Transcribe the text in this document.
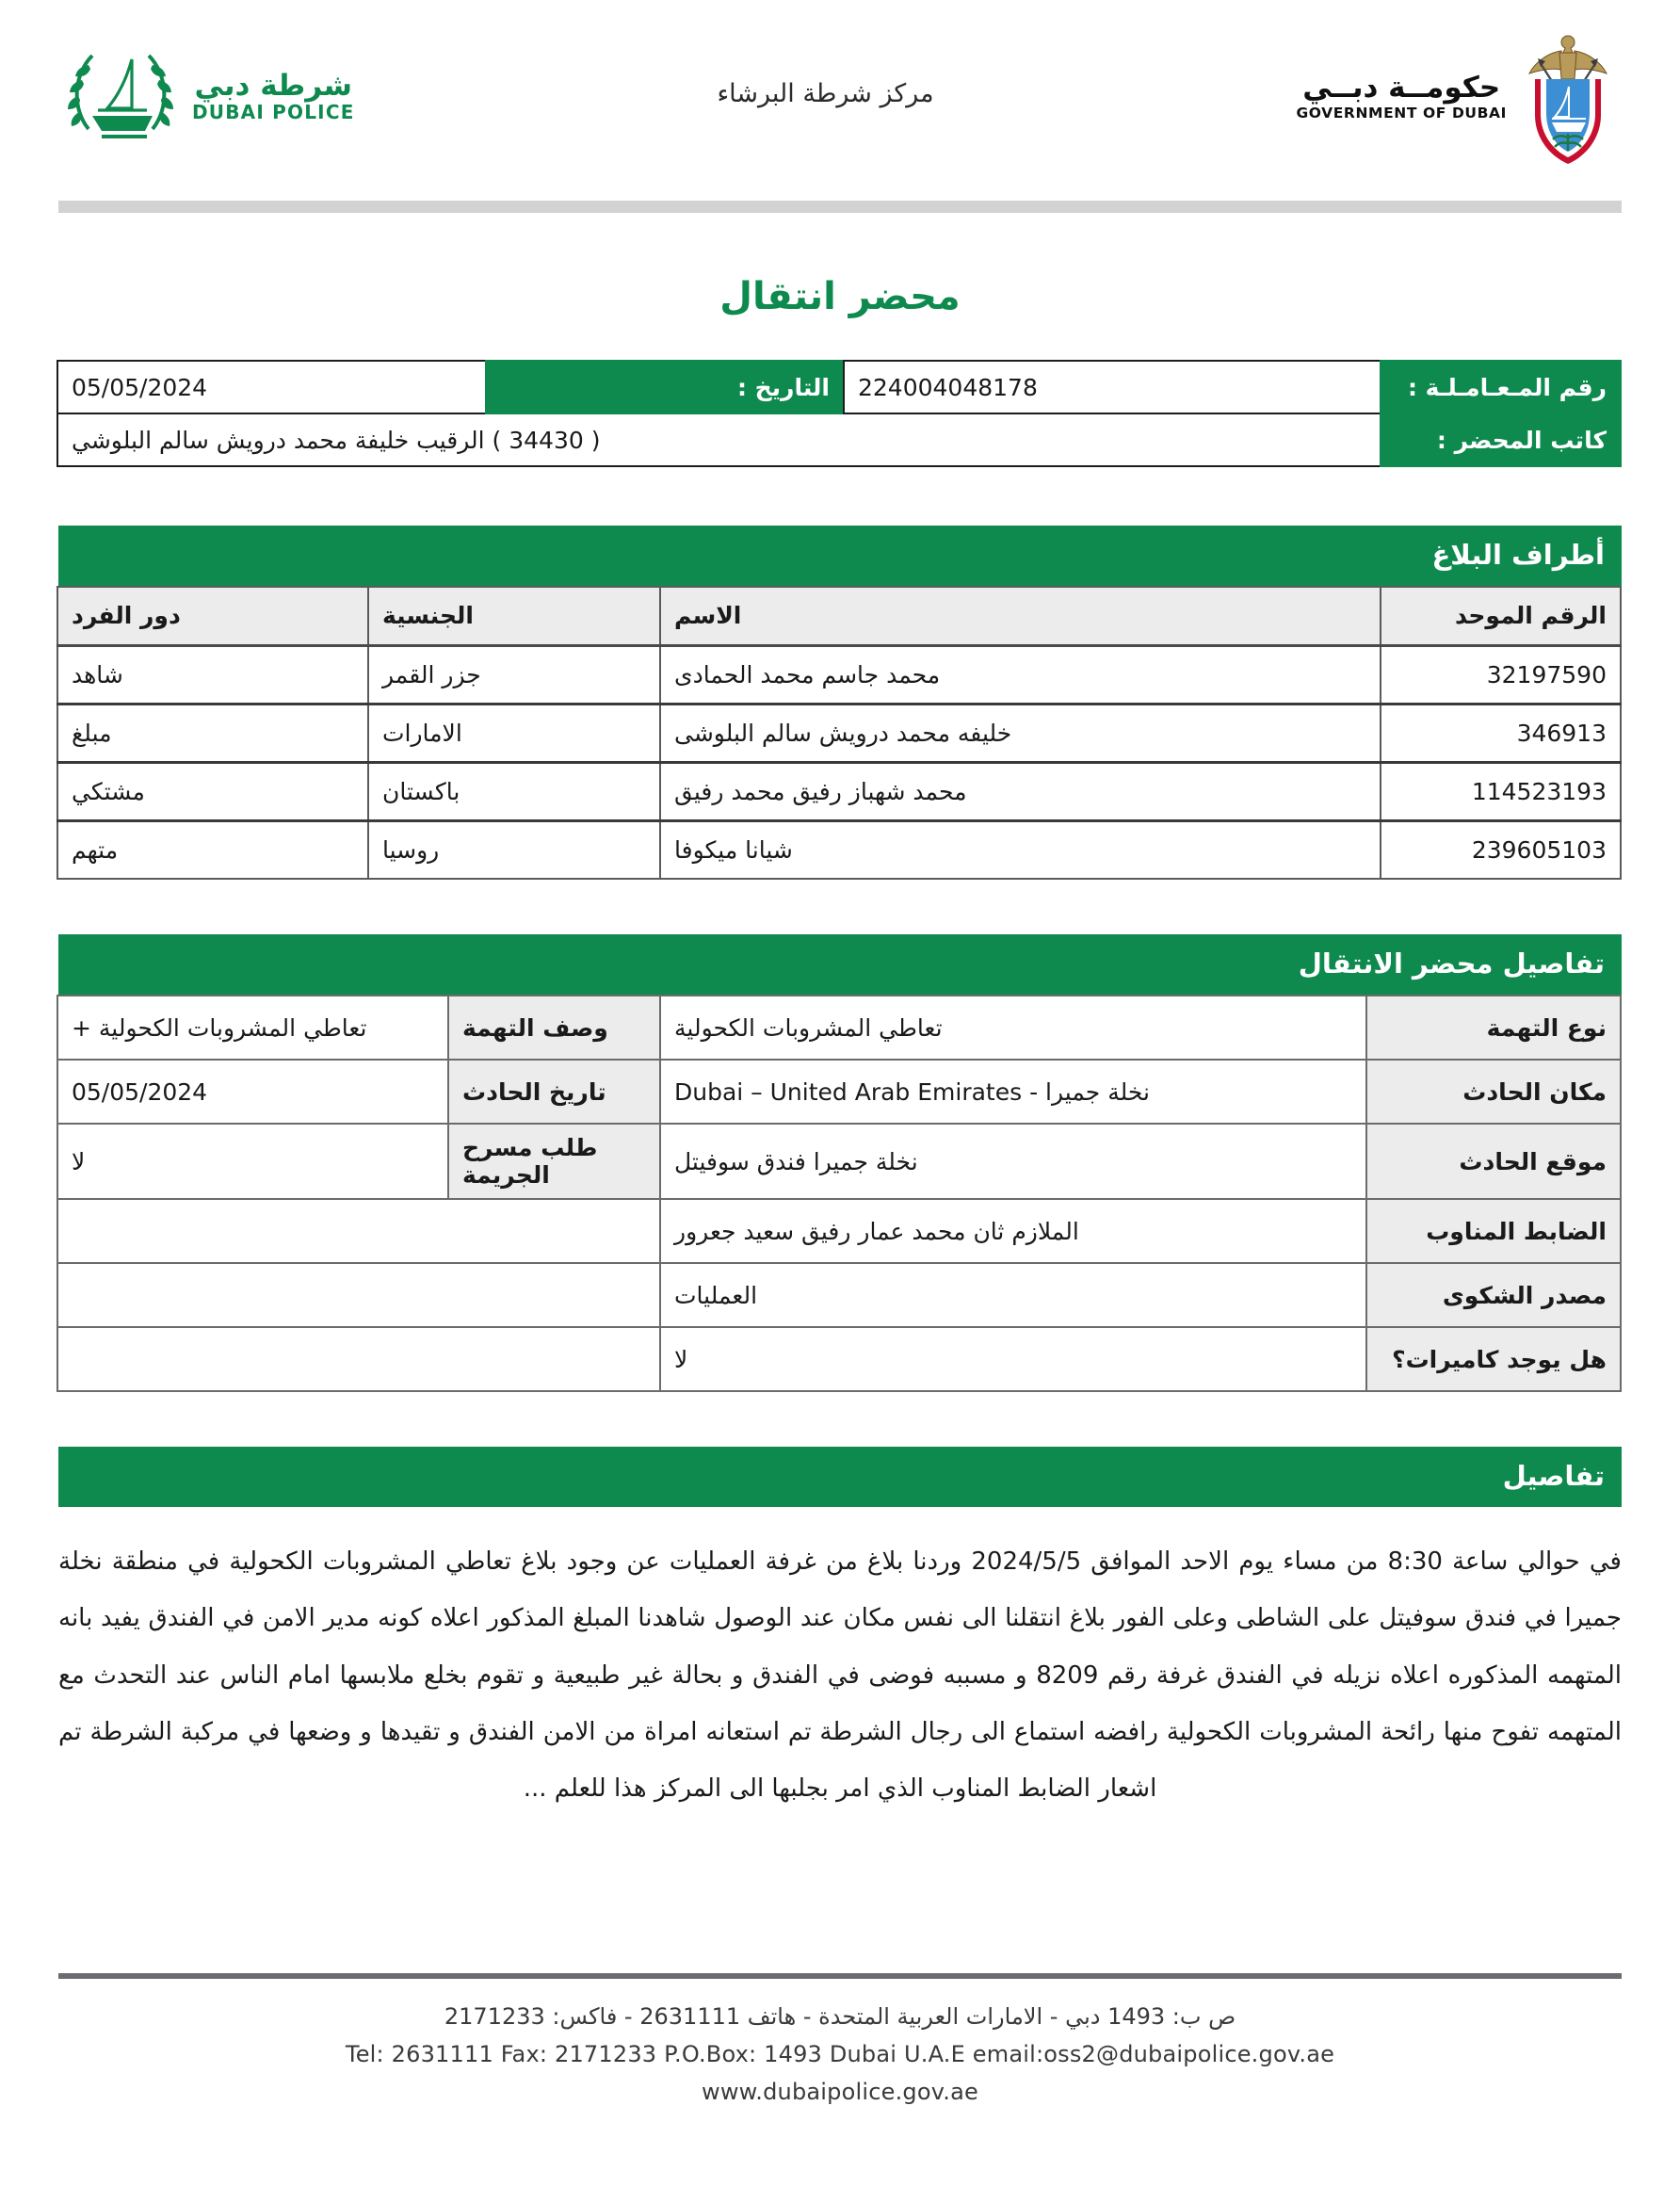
شرطة دبي
DUBAI POLICE
مركز شرطة البرشاء	حكومــة دبــي
GOVERNMENT OF DUBAI
محضر انتقال
رقم المـعـامـلـة :	224004048178	التاريخ :	05/05/2024
كاتب المحضر :	( 34430 ) الرقيب خليفة محمد درويش سالم البلوشي		
أطراف البلاغ
الرقم الموحد	الاسم	الجنسية	دور الفرد
32197590	محمد جاسم محمد الحمادى	جزر القمر	شاهد
346913	خليفه محمد درويش سالم البلوشى	الامارات	مبلغ
114523193	محمد شهباز رفيق محمد رفيق	باكستان	مشتكي
239605103	شيانا ميكوفا	روسيا	متهم
تفاصيل محضر الانتقال
نوع التهمة	تعاطي المشروبات الكحولية	وصف التهمة	تعاطي المشروبات الكحولية +
مكان الحادث	نخلة جميرا - Dubai – United Arab Emirates	تاريخ الحادث	05/05/2024
موقع الحادث	نخلة جميرا فندق سوفيتل	طلب مسرح الجريمة	لا
الضابط المناوب	الملازم ثان محمد عمار رفيق سعيد جعرور		
مصدر الشكوى	العمليات		
هل يوجد كاميرات؟	لا		
تفاصيل
في حوالي ساعة 8:30 من مساء يوم الاحد الموافق 2024/5/5 وردنا بلاغ من غرفة العمليات عن وجود بلاغ تعاطي المشروبات الكحولية في منطقة نخلة جميرا في فندق سوفيتل على الشاطى وعلى الفور بلاغ انتقلنا الى نفس مكان عند الوصول شاهدنا المبلغ المذكور اعلاه كونه مدير الامن في الفندق يفيد بانه المتهمه المذكوره اعلاه نزيله في الفندق غرفة رقم 8209 و مسببه فوضى في الفندق و بحالة غير طبيعية و تقوم بخلع ملابسها امام الناس عند التحدث مع المتهمه تفوح منها رائحة المشروبات الكحولية رافضه استماع الى رجال الشرطة تم استعانه امراة من الامن الفندق و تقيدها و وضعها في مركبة الشرطة تم اشعار الضابط المناوب الذي امر بجلبها الى المركز هذا للعلم ...
ص ب: 1493 دبي - الامارات العربية المتحدة - هاتف 2631111 - فاكس: 2171233
Tel: 2631111 Fax: 2171233 P.O.Box: 1493 Dubai U.A.E email:oss2@dubaipolice.gov.ae
www.dubaipolice.gov.ae
